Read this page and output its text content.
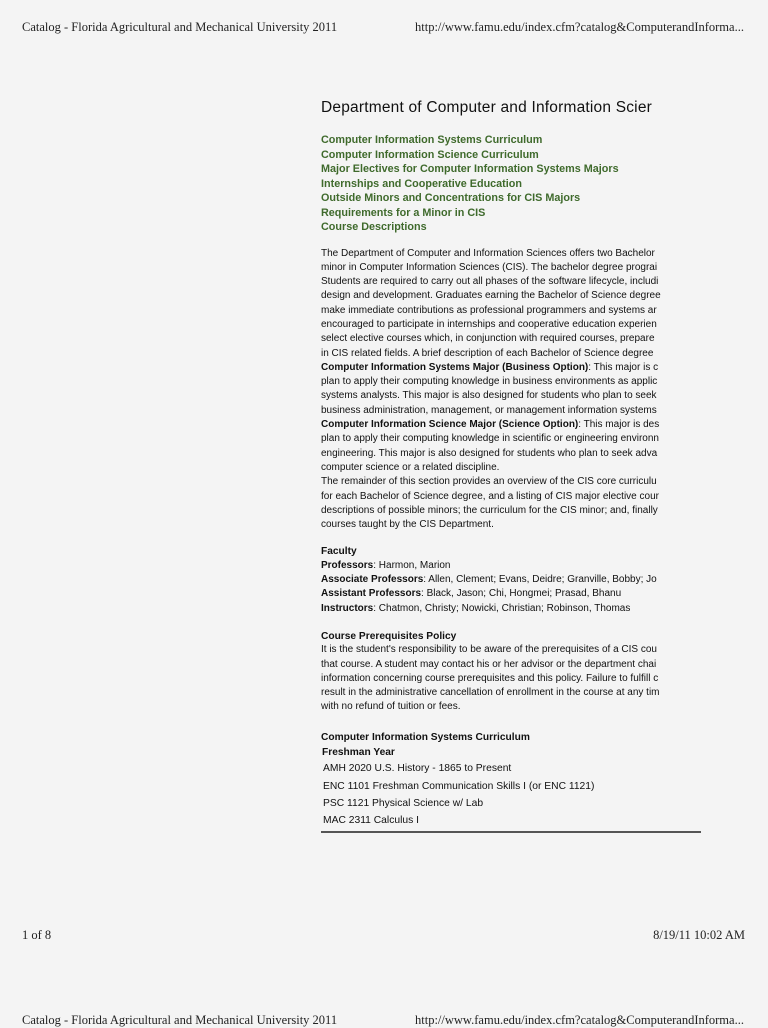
Catalog - Florida Agricultural and Mechanical University 2011	http://www.famu.edu/index.cfm?catalog&ComputerandInforma...
Department of Computer and Information Scier
Computer Information Systems Curriculum
Computer Information Science Curriculum
Major Electives for Computer Information Systems Majors
Internships and Cooperative Education
Outside Minors and Concentrations for CIS Majors
Requirements for a Minor in CIS
Course Descriptions

The Department of Computer and Information Sciences offers two Bachelor
minor in Computer Information Sciences (CIS). The bachelor degree prograi
Students are required to carry out all phases of the software lifecycle, includi
design and development. Graduates earning the Bachelor of Science degree
make immediate contributions as professional programmers and systems ar
encouraged to participate in internships and cooperative education experien
select elective courses which, in conjunction with required courses, prepare
in CIS related fields. A brief description of each Bachelor of Science degree

Computer Information Systems Major (Business Option): This major is c
plan to apply their computing knowledge in business environments as applic
systems analysts. This major is also designed for students who plan to seek
business administration, management, or management information systems

Computer Information Science Major (Science Option): This major is des
plan to apply their computing knowledge in scientific or engineering environn
engineering. This major is also designed for students who plan to seek adva
computer science or a related discipline.

The remainder of this section provides an overview of the CIS core curriculu
for each Bachelor of Science degree, and a listing of CIS major elective cour
descriptions of possible minors; the curriculum for the CIS minor; and, finally
courses taught by the CIS Department.

Faculty
Professors: Harmon, Marion
Associate Professors: Allen, Clement; Evans, Deidre; Granville, Bobby; Jo
Assistant Professors: Black, Jason; Chi, Hongmei; Prasad, Bhanu
Instructors: Chatmon, Christy; Nowicki, Christian; Robinson, Thomas
Course Prerequisites Policy
It is the student's responsibility to be aware of the prerequisites of a CIS cou
that course. A student may contact his or her advisor or the department chai
information concerning course prerequisites and this policy. Failure to fulfill c
result in the administrative cancellation of enrollment in the course at any tim
with no refund of tuition or fees.
Computer Information Systems Curriculum
Freshman Year
AMH 2020 U.S. History - 1865 to Present
ENC 1101 Freshman Communication Skills I (or ENC 1121)
PSC 1121 Physical Science w/ Lab
MAC 2311 Calculus I
1 of 8	8/19/11 10:02 AM
Catalog - Florida Agricultural and Mechanical University 2011	http://www.famu.edu/index.cfm?catalog&ComputerandInforma...
